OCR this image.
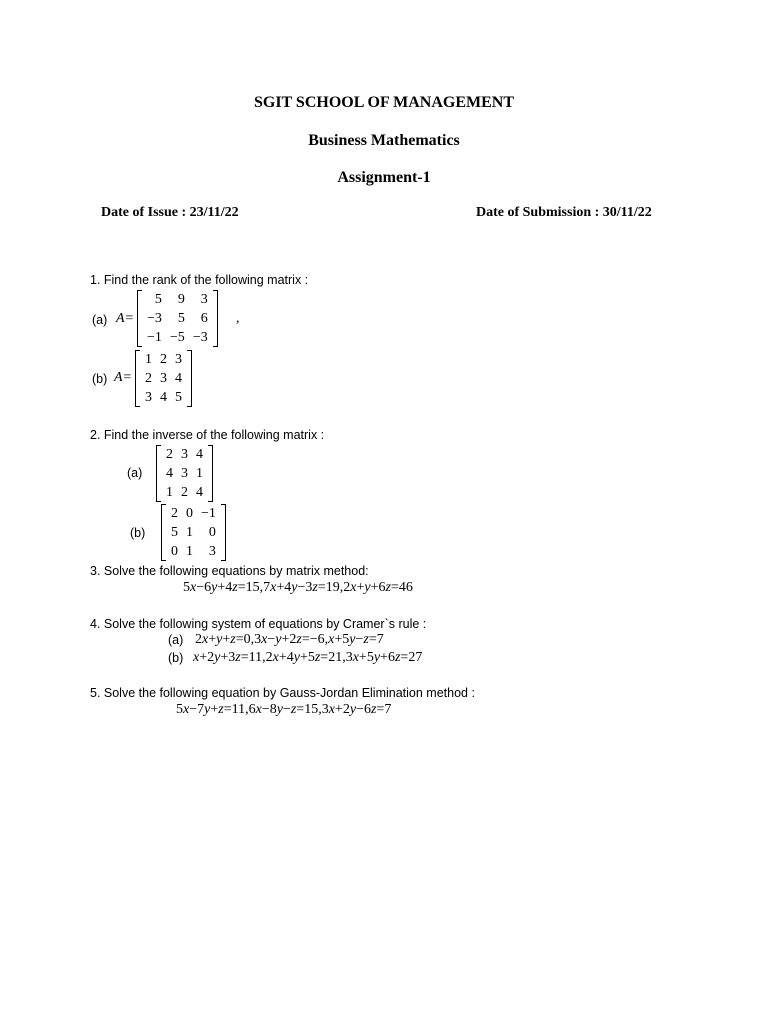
SGIT SCHOOL OF MANAGEMENT
Business Mathematics
Assignment-1
Date of Issue : 23/11/22	Date of Submission : 30/11/22
1. Find the rank of the following matrix :
(a) A=
5	9	3
−3	5	6
−1	−5	−3
,
(b) A=
1	2	3
2	3	4
3	4	5
2. Find the inverse of the following matrix :
(a)
2	3	4
4	3	1
1	2	4
(b)
2	0	−1
5	1	0
0	1	3
3. Solve the following equations by matrix method:
5x−6y+4z=15,7x+4y−3z=19,2x+y+6z=46
4. Solve the following system of equations by Cramer`s rule :
(a) 2x+y+z=0,3x−y+2z=−6,x+5y−z=7
(b) x+2y+3z=11,2x+4y+5z=21,3x+5y+6z=27
5. Solve the following equation by Gauss-Jordan Elimination method :
5x−7y+z=11,6x−8y−z=15,3x+2y−6z=7
